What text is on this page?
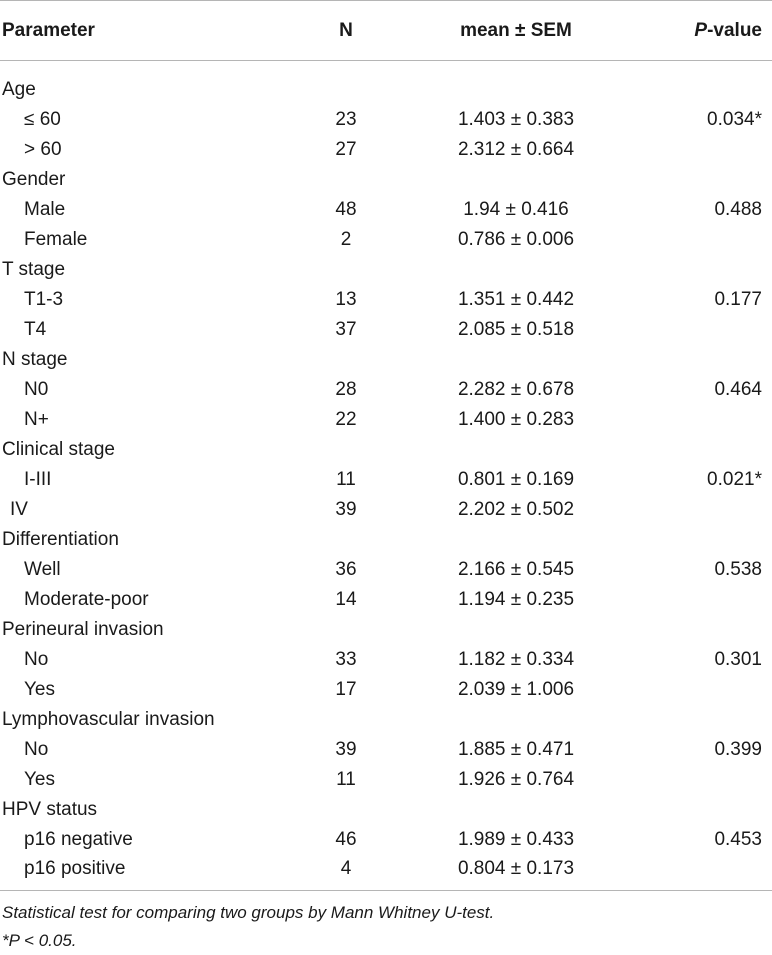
Parameter	N	mean ± SEM	P-value
Age			
≤ 60	23	1.403 ± 0.383	0.034*
> 60	27	2.312 ± 0.664	
Gender			
Male	48	1.94 ± 0.416	0.488
Female	2	0.786 ± 0.006	
T stage			
T1-3	13	1.351 ± 0.442	0.177
T4	37	2.085 ± 0.518	
N stage			
N0	28	2.282 ± 0.678	0.464
N+	22	1.400 ± 0.283	
Clinical stage			
I-III	11	0.801 ± 0.169	0.021*
IV	39	2.202 ± 0.502	
Differentiation			
Well	36	2.166 ± 0.545	0.538
Moderate-poor	14	1.194 ± 0.235	
Perineural invasion			
No	33	1.182 ± 0.334	0.301
Yes	17	2.039 ± 1.006	
Lymphovascular invasion			
No	39	1.885 ± 0.471	0.399
Yes	11	1.926 ± 0.764	
HPV status			
p16 negative	46	1.989 ± 0.433	0.453
p16 positive	4	0.804 ± 0.173	
Statistical test for comparing two groups by Mann Whitney U-test.
*P < 0.05.
